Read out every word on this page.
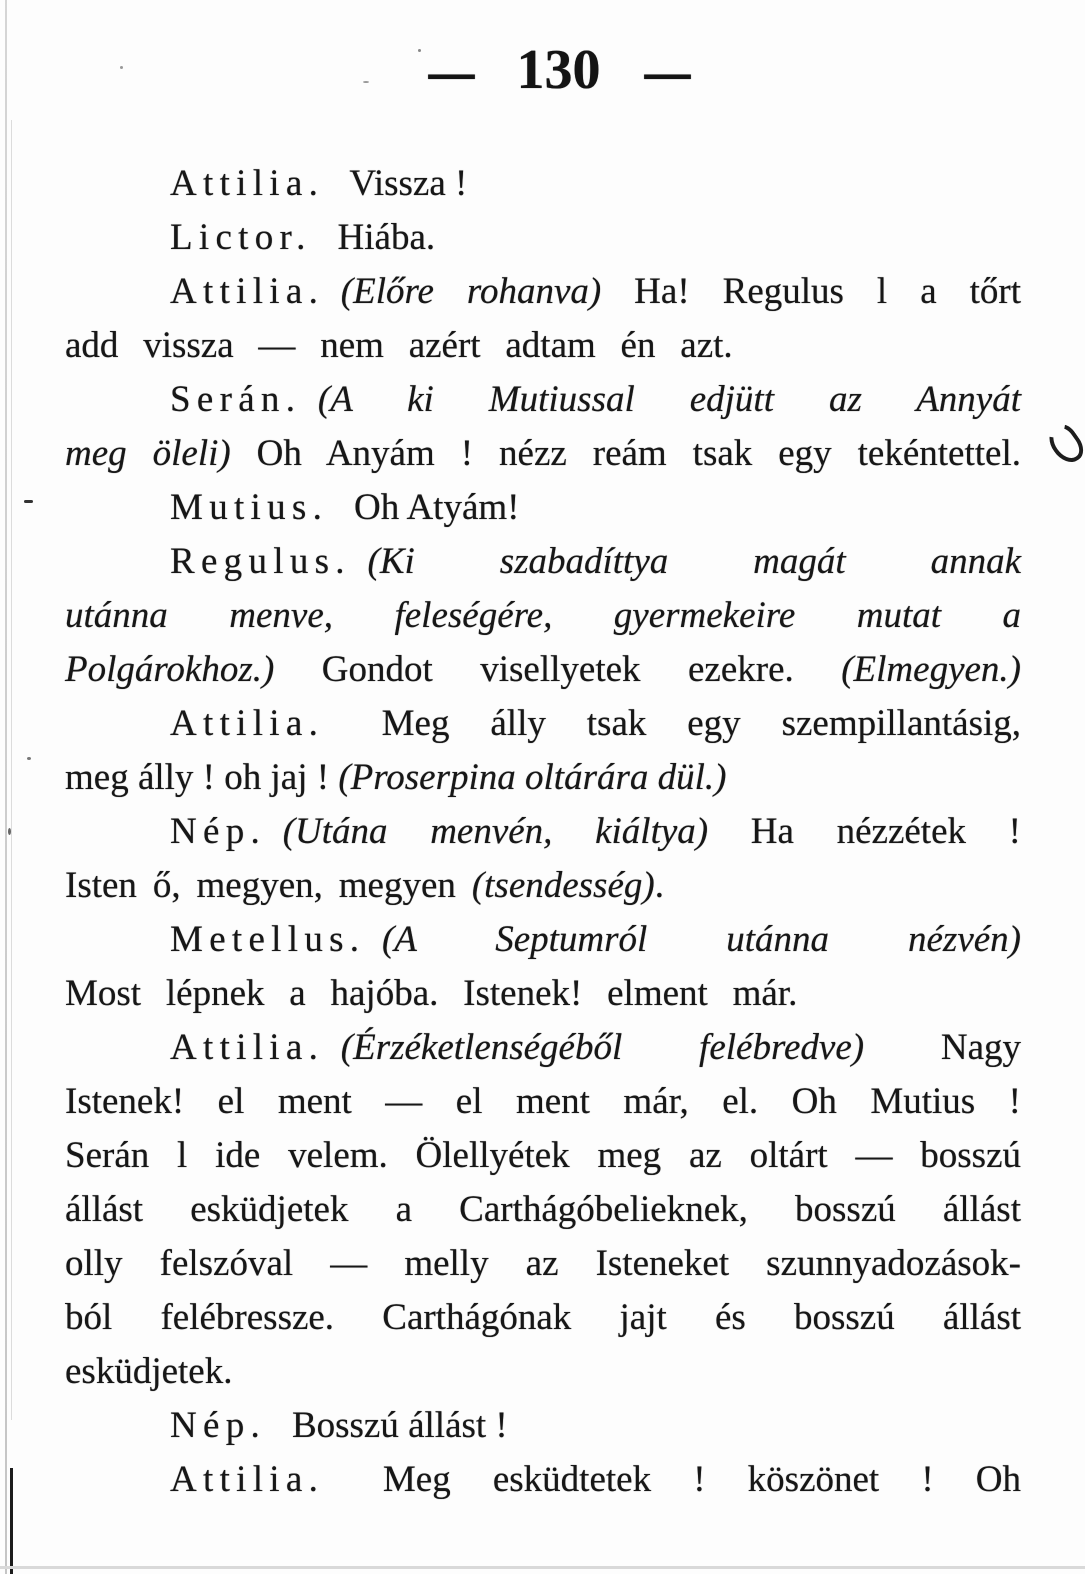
— 130 —
Attilia. Vissza !
Lictor. Hiába.
Attilia. (Előre rohanva) Ha! Regulus l a tőrt
add vissza — nem azért adtam én azt.
Serán. (A ki Mutiussal edjütt az Annyát
meg öleli) Oh Anyám ! nézz reám tsak egy tekéntettel.
Mutius. Oh Atyám!
Regulus. (Ki szabadíttya magát annak
utánna menve, feleségére, gyermekeire mutat a
Polgárokhoz.) Gondot visellyetek ezekre. (Elmegyen.)
Attilia. Meg álly tsak egy szempillantásig,
meg álly ! oh jaj ! (Proserpina oltárára dül.)
Nép. (Utána menvén, kiáltya) Ha nézzétek !
Isten ő, megyen, megyen (tsendesség).
Metellus. (A Septumról utánna nézvén)
Most lépnek a hajóba. Istenek! elment már.
Attilia. (Érzéketlenségéből felébredve) Nagy
Istenek! el ment — el ment már, el. Oh Mutius !
Serán l ide velem. Ölellyétek meg az oltárt — bosszú
állást esküdjetek a Carthágóbelieknek, bosszú állást
olly felszóval — melly az Isteneket szunnyadozások-
ból felébressze. Carthágónak jajt és bosszú állást
esküdjetek.
Nép. Bosszú állást !
Attilia. Meg esküdtetek ! köszönet ! Oh
